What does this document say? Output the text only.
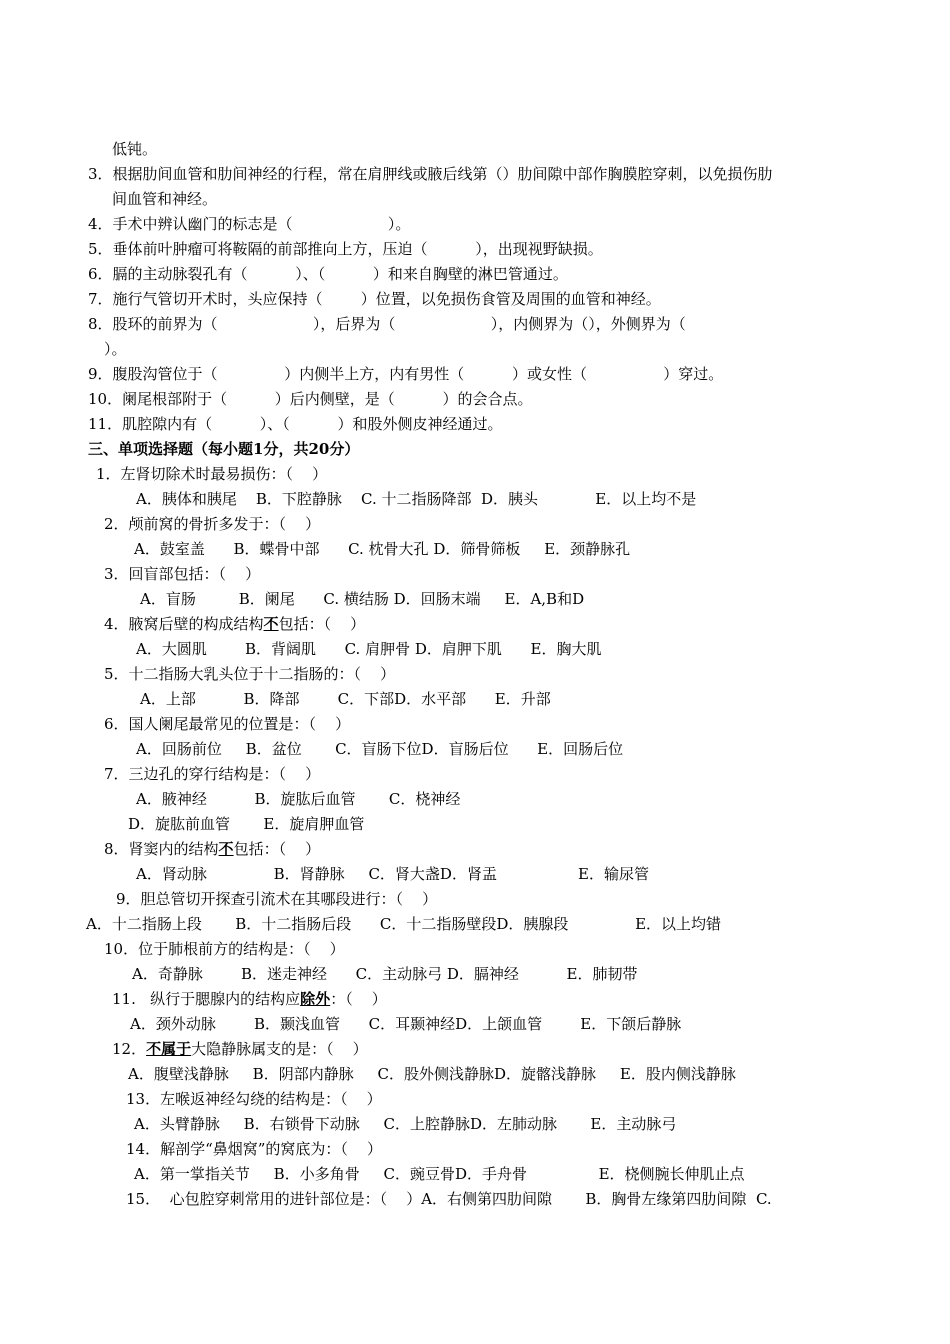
低钝。
3．根据肋间血管和肋间神经的行程，常在肩胛线或腋后线第（）肋间隙中部作胸膜腔穿刺，以免损伤肋
间血管和神经。
4．手术中辨认幽门的标志是（                    ）。
5．垂体前叶肿瘤可将鞍隔的前部推向上方，压迫（          ），出现视野缺损。
6．膈的主动脉裂孔有（          ）、（          ）和来自胸壁的淋巴管通过。
7．施行气管切开术时，头应保持（        ）位置，以免损伤食管及周围的血管和神经。
8．股环的前界为（                    ），后界为（                    ），内侧界为（），外侧界为（
）。
9．腹股沟管位于（              ）内侧半上方，内有男性（          ）或女性（                ）穿过。
10．阑尾根部附于（          ）后内侧壁，是（          ）的会合点。
11．肌腔隙内有（          ）、（          ）和股外侧皮神经通过。
三、单项选择题（每小题1分，共20分）
1．左肾切除术时最易损伤：（    ）
A．胰体和胰尾    B．下腔静脉    C. 十二指肠降部  D．胰头            E．以上均不是
2．颅前窝的骨折多发于：（    ）
A．鼓室盖      B．蝶骨中部      C. 枕骨大孔 D．筛骨筛板     E．颈静脉孔
3．回盲部包括：（    ）
A．盲肠         B．阑尾      C. 横结肠 D．回肠末端     E．A,B和D
4．腋窝后壁的构成结构不包括：（    ）
A．大圆肌        B．背阔肌      C. 肩胛骨 D．肩胛下肌      E．胸大肌
5．十二指肠大乳头位于十二指肠的：（    ）
A．上部          B．降部        C．下部D．水平部      E．升部
6．国人阑尾最常见的位置是：（    ）
A．回肠前位     B．盆位       C．盲肠下位D．盲肠后位      E．回肠后位
7．三边孔的穿行结构是：（    ）
A．腋神经          B．旋肱后血管       C．桡神经
D．旋肱前血管       E．旋肩胛血管
8．肾窦内的结构不包括：（    ）
A．肾动脉              B．肾静脉     C．肾大盏D．肾盂                 E．输尿管
9．胆总管切开探查引流术在其哪段进行：（    ）
A．十二指肠上段       B．十二指肠后段      C．十二指肠壁段D．胰腺段              E．以上均错
10．位于肺根前方的结构是：（    ）
A．奇静脉        B．迷走神经      C．主动脉弓 D．膈神经          E．肺韧带
11.   纵行于腮腺内的结构应除外：（    ）
A．颈外动脉        B．颞浅血管      C．耳颞神经D．上颌血管        E．下颌后静脉
12．不属于大隐静脉属支的是：（    ）
A．腹壁浅静脉     B．阴部内静脉     C．股外侧浅静脉D．旋髂浅静脉     E．股内侧浅静脉
13．左喉返神经勾绕的结构是：（    ）
A．头臂静脉     B．右锁骨下动脉     C．上腔静脉D．左肺动脉       E．主动脉弓
14．解剖学“鼻烟窝”的窝底为：（    ）
A．第一掌指关节     B．小多角骨     C．豌豆骨D．手舟骨               E．桡侧腕长伸肌止点
15．  心包腔穿刺常用的进针部位是：（    ）A．右侧第四肋间隙       B．胸骨左缘第四肋间隙  C.
